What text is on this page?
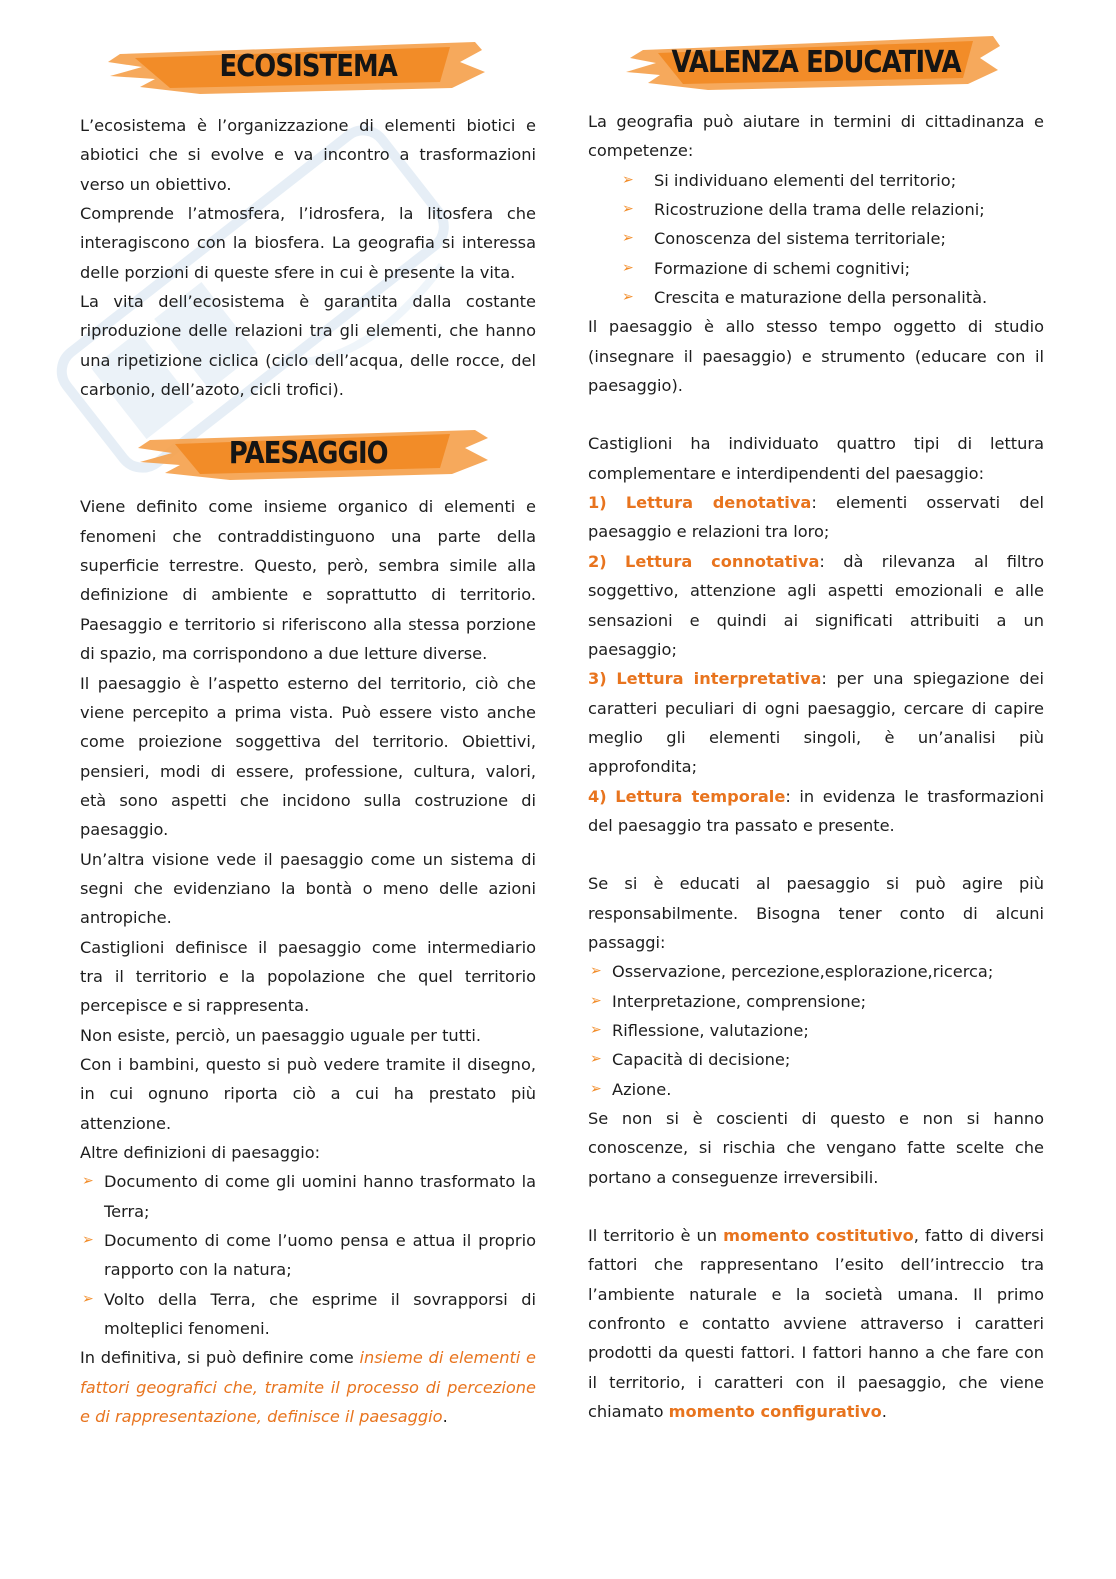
ECOSISTEMA

L’ecosistema è l’organizzazione di elementi biotici e abiotici che si evolve e va incontro a trasformazioni verso un obiettivo.

Comprende l’atmosfera, l’idrosfera, la litosfera che interagiscono con la biosfera. La geografia si interessa delle porzioni di queste sfere in cui è presente la vita.

La vita dell’ecosistema è garantita dalla costante riproduzione delle relazioni tra gli elementi, che hanno una ripetizione ciclica (ciclo dell’acqua, delle rocce, del carbonio, dell’azoto, cicli trofici).

PAESAGGIO

Viene definito come insieme organico di elementi e fenomeni che contraddistinguono una parte della superficie terrestre. Questo, però, sembra simile alla definizione di ambiente e soprattutto di territorio. Paesaggio e territorio si riferiscono alla stessa porzione di spazio, ma corrispondono a due letture diverse.

Il paesaggio è l’aspetto esterno del territorio, ciò che viene percepito a prima vista. Può essere visto anche come proiezione soggettiva del territorio. Obiettivi, pensieri, modi di essere, professione, cultura, valori, età sono aspetti che incidono sulla costruzione di paesaggio.

Un’altra visione vede il paesaggio come un sistema di segni che evidenziano la bontà o meno delle azioni antropiche.

Castiglioni definisce il paesaggio come intermediario tra il territorio e la popolazione che quel territorio percepisce e si rappresenta.

Non esiste, perciò, un paesaggio uguale per tutti.

Con i bambini, questo si può vedere tramite il disegno, in cui ognuno riporta ciò a cui ha prestato più attenzione.

Altre definizioni di paesaggio:

➢ Documento di come gli uomini hanno trasformato la Terra;
➢ Documento di come l’uomo pensa e attua il proprio rapporto con la natura;
➢ Volto della Terra, che esprime il sovrapporsi di molteplici fenomeni.

In definitiva, si può definire come insieme di elementi e fattori geografici che, tramite il processo di percezione e di rappresentazione, definisce il paesaggio.

VALENZA EDUCATIVA

La geografia può aiutare in termini di cittadinanza e competenze:

➢ Si individuano elementi del territorio;
➢ Ricostruzione della trama delle relazioni;
➢ Conoscenza del sistema territoriale;
➢ Formazione di schemi cognitivi;
➢ Crescita e maturazione della personalità.

Il paesaggio è allo stesso tempo oggetto di studio (insegnare il paesaggio) e strumento (educare con il paesaggio).

Castiglioni ha individuato quattro tipi di lettura complementare e interdipendenti del paesaggio:

1) Lettura denotativa: elementi osservati del paesaggio e relazioni tra loro;

2) Lettura connotativa: dà rilevanza al filtro soggettivo, attenzione agli aspetti emozionali e alle sensazioni e quindi ai significati attribuiti a un paesaggio;

3) Lettura interpretativa: per una spiegazione dei caratteri peculiari di ogni paesaggio, cercare di capire meglio gli elementi singoli, è un’analisi più approfondita;

4) Lettura temporale: in evidenza le trasformazioni del paesaggio tra passato e presente.

Se si è educati al paesaggio si può agire più responsabilmente. Bisogna tener conto di alcuni passaggi:

➢ Osservazione, percezione,esplorazione,ricerca;
➢ Interpretazione, comprensione;
➢ Riflessione, valutazione;
➢ Capacità di decisione;
➢ Azione.

Se non si è coscienti di questo e non si hanno conoscenze, si rischia che vengano fatte scelte che portano a conseguenze irreversibili.

Il territorio è un momento costitutivo, fatto di diversi fattori che rappresentano l’esito dell’intreccio tra l’ambiente naturale e la società umana. Il primo confronto e contatto avviene attraverso i caratteri prodotti da questi fattori. I fattori hanno a che fare con il territorio, i caratteri con il paesaggio, che viene chiamato momento configurativo.
